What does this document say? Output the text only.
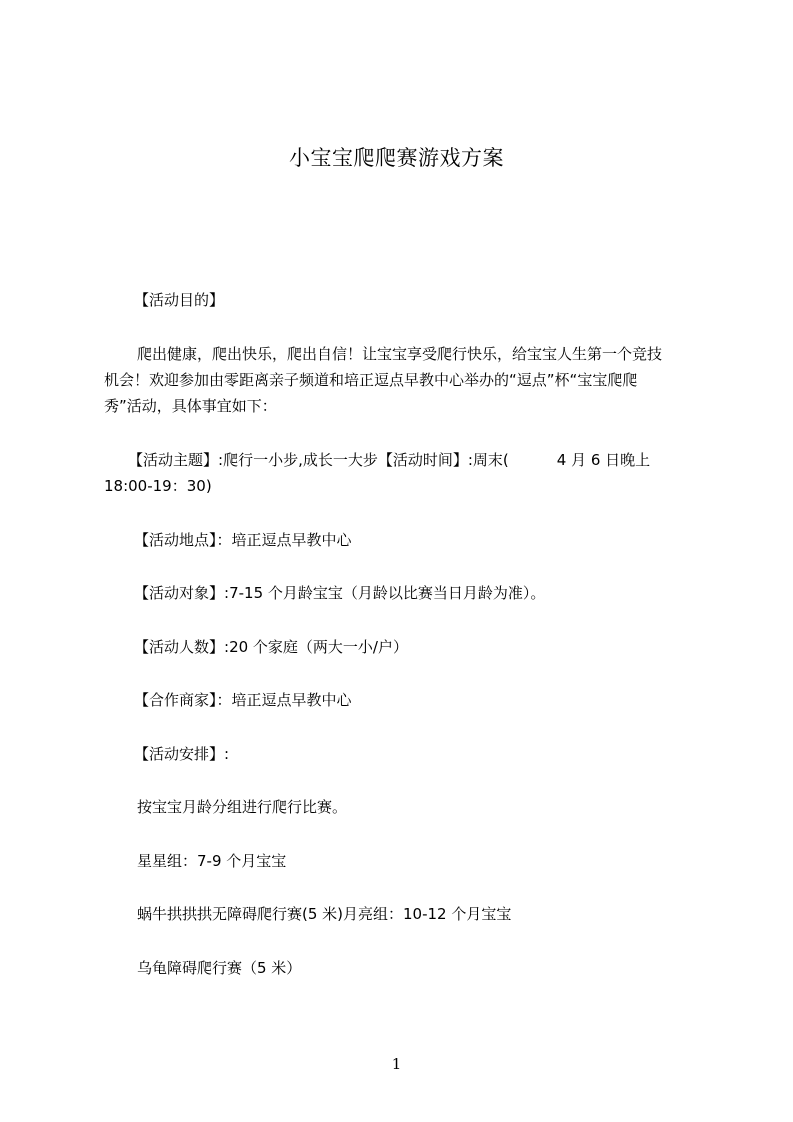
小宝宝爬爬赛游戏方案
【活动目的】
爬出健康，爬出快乐，爬出自信！让宝宝享受爬行快乐，给宝宝人生第一个竞技
机会！欢迎参加由零距离亲子频道和培正逗点早教中心举办的“逗点”杯“宝宝爬爬
秀”活动，具体事宜如下：
【活动主题】:爬行一小步,成长一大步【活动时间】:周末(	4 月 6 日晚上
18:00-19：30)
【活动地点】：培正逗点早教中心
【活动对象】:7-15 个月龄宝宝（月龄以比赛当日月龄为准）。
【活动人数】:20 个家庭（两大一小/户）
【合作商家】：培正逗点早教中心
【活动安排】:
按宝宝月龄分组进行爬行比赛。
星星组：7-9 个月宝宝
蜗牛拱拱拱无障碍爬行赛(5 米)月亮组：10-12 个月宝宝
乌龟障碍爬行赛（5 米）
1
